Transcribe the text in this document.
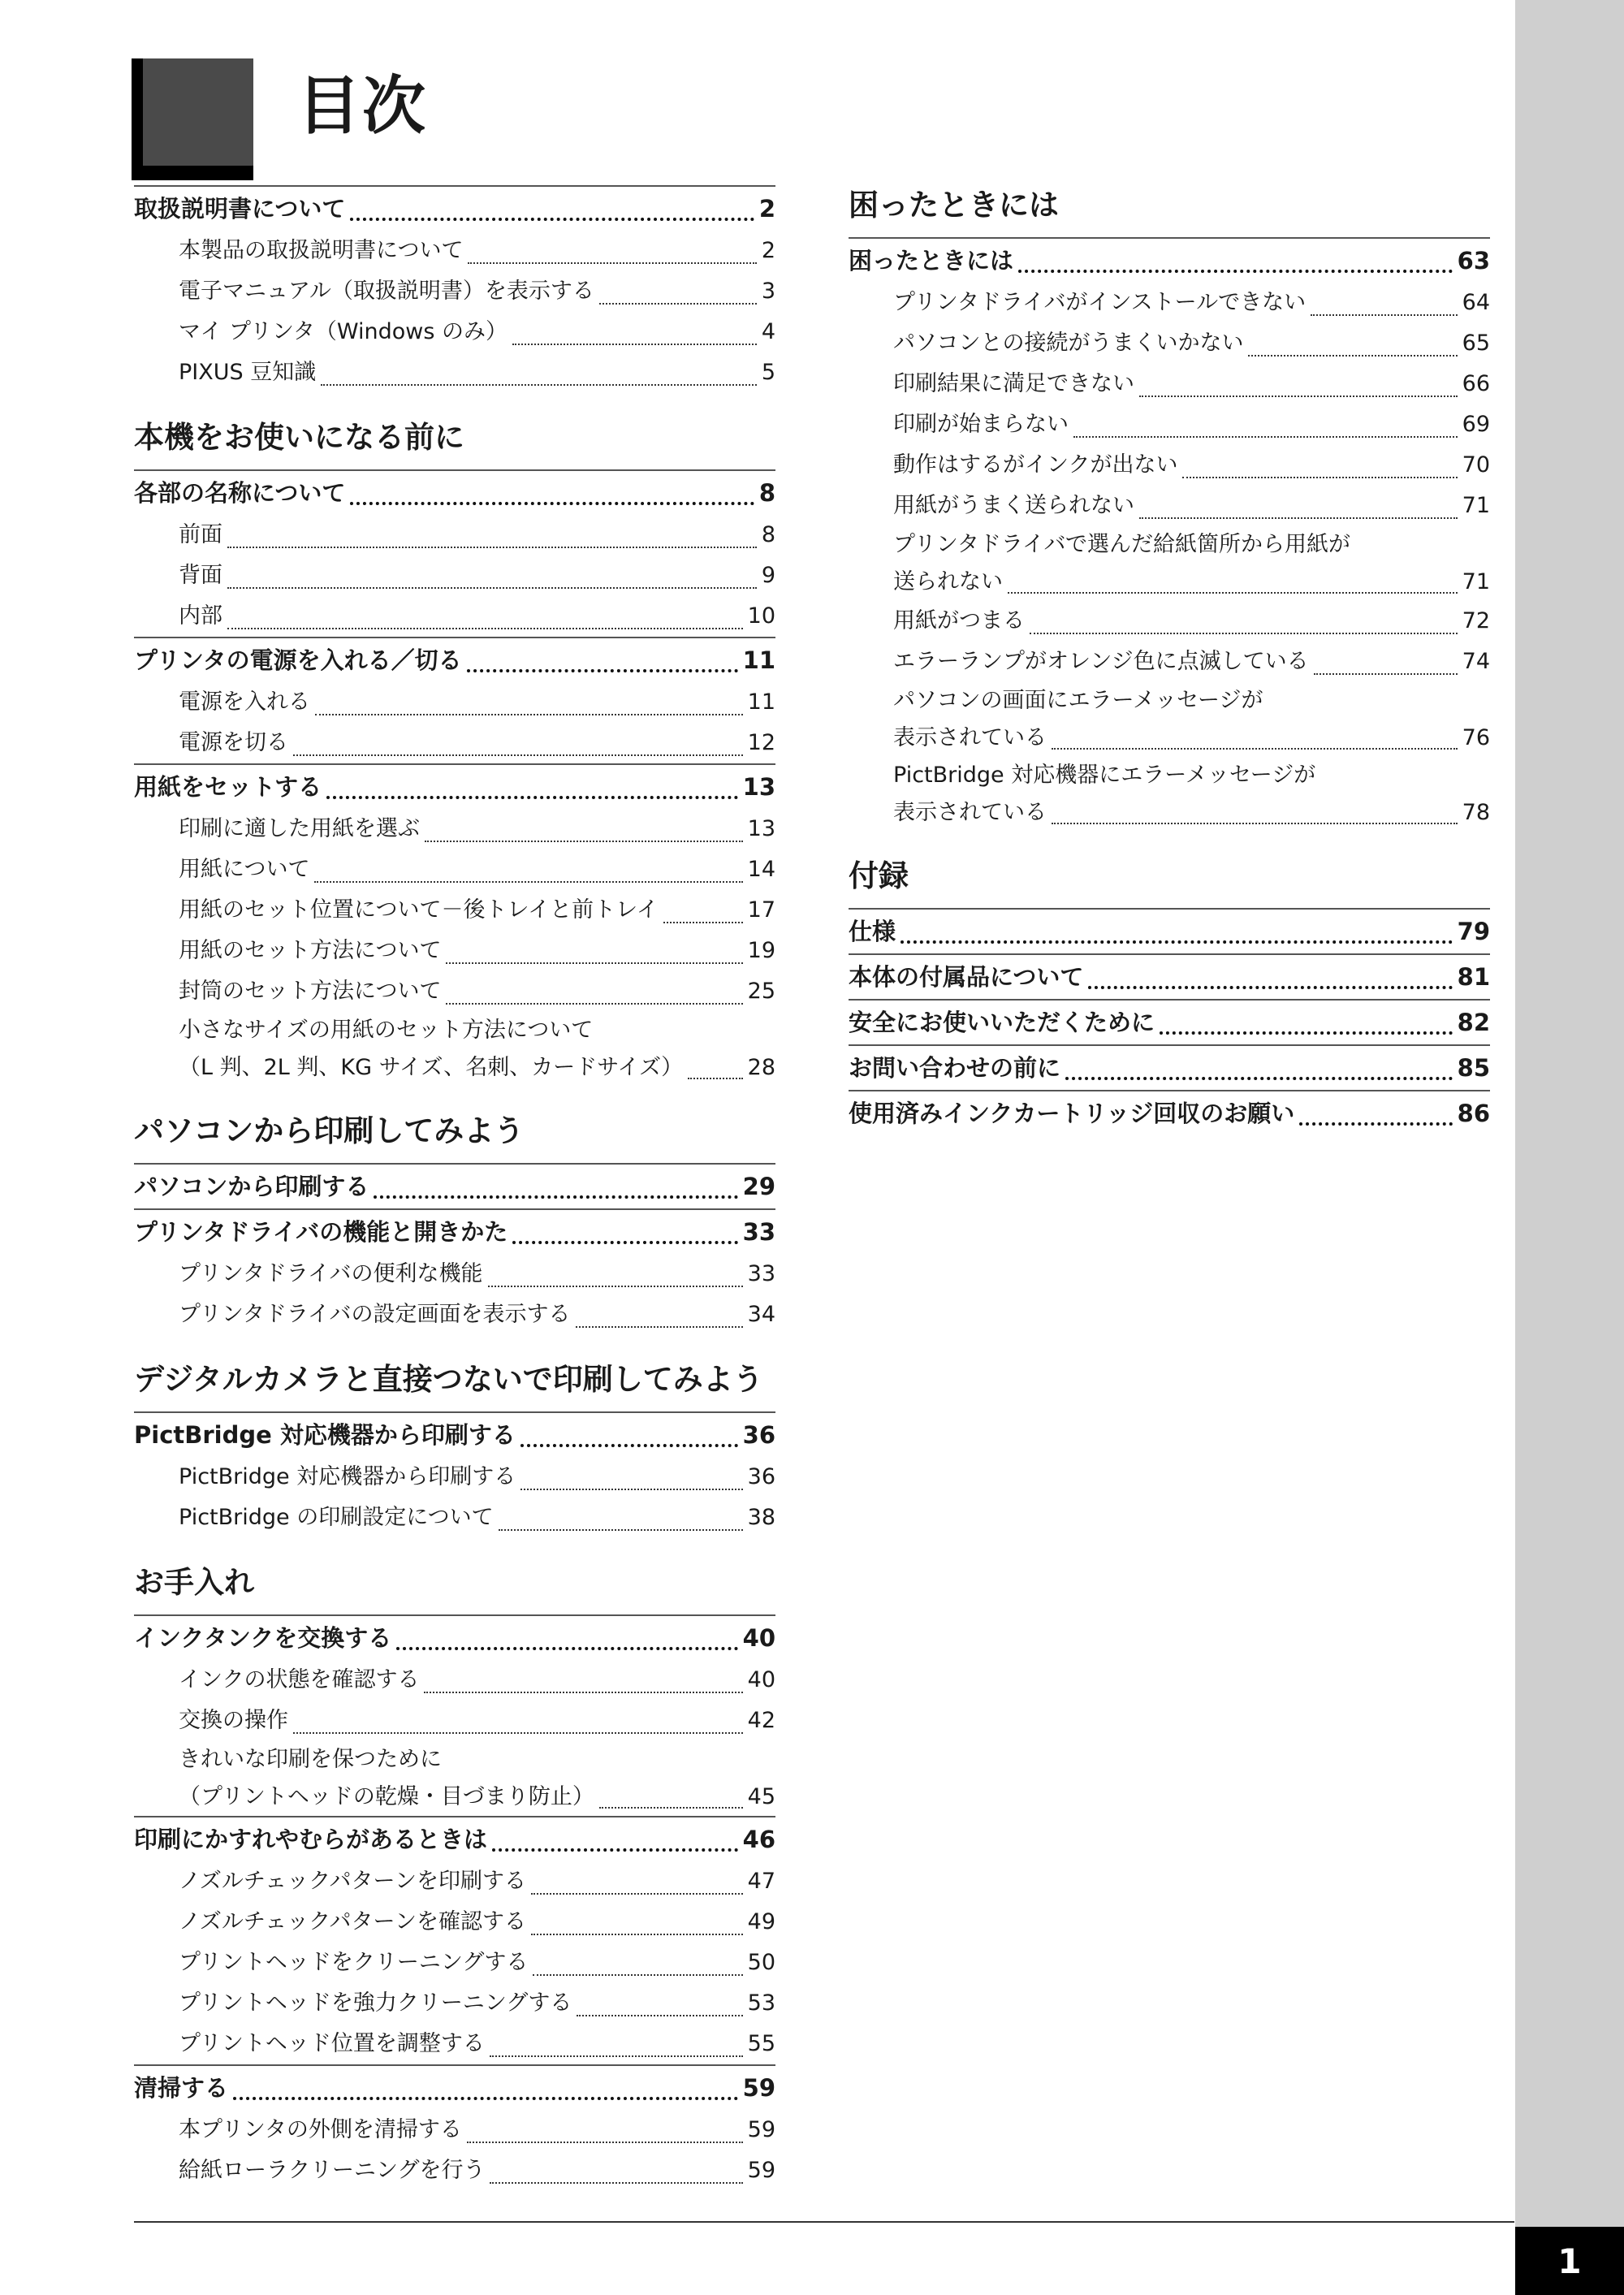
1
目次
取扱説明書について	2
本製品の取扱説明書について	2
電子マニュアル（取扱説明書）を表示する	3
マイ プリンタ（Windows のみ）	4
PIXUS 豆知識	5
本機をお使いになる前に
各部の名称について	8
前面	8
背面	9
内部	10
プリンタの電源を入れる／切る	11
電源を入れる	11
電源を切る	12
用紙をセットする	13
印刷に適した用紙を選ぶ	13
用紙について	14
用紙のセット位置について－後トレイと前トレイ	17
用紙のセット方法について	19
封筒のセット方法について	25
小さなサイズの用紙のセット方法について
（L 判、2L 判、KG サイズ、名刺、カードサイズ）	28
パソコンから印刷してみよう
パソコンから印刷する	29
プリンタドライバの機能と開きかた	33
プリンタドライバの便利な機能	33
プリンタドライバの設定画面を表示する	34
デジタルカメラと直接つないで印刷してみよう
PictBridge 対応機器から印刷する	36
PictBridge 対応機器から印刷する	36
PictBridge の印刷設定について	38
お手入れ
インクタンクを交換する	40
インクの状態を確認する	40
交換の操作	42
きれいな印刷を保つために
（プリントヘッドの乾燥・目づまり防止）	45
印刷にかすれやむらがあるときは	46
ノズルチェックパターンを印刷する	47
ノズルチェックパターンを確認する	49
プリントヘッドをクリーニングする	50
プリントヘッドを強力クリーニングする	53
プリントヘッド位置を調整する	55
清掃する	59
本プリンタの外側を清掃する	59
給紙ローラクリーニングを行う	59
困ったときには
困ったときには	63
プリンタドライバがインストールできない	64
パソコンとの接続がうまくいかない	65
印刷結果に満足できない	66
印刷が始まらない	69
動作はするがインクが出ない	70
用紙がうまく送られない	71
プリンタドライバで選んだ給紙箇所から用紙が
送られない	71
用紙がつまる	72
エラーランプがオレンジ色に点滅している	74
パソコンの画面にエラーメッセージが
表示されている	76
PictBridge 対応機器にエラーメッセージが
表示されている	78
付録
仕様	79
本体の付属品について	81
安全にお使いいただくために	82
お問い合わせの前に	85
使用済みインクカートリッジ回収のお願い	86
